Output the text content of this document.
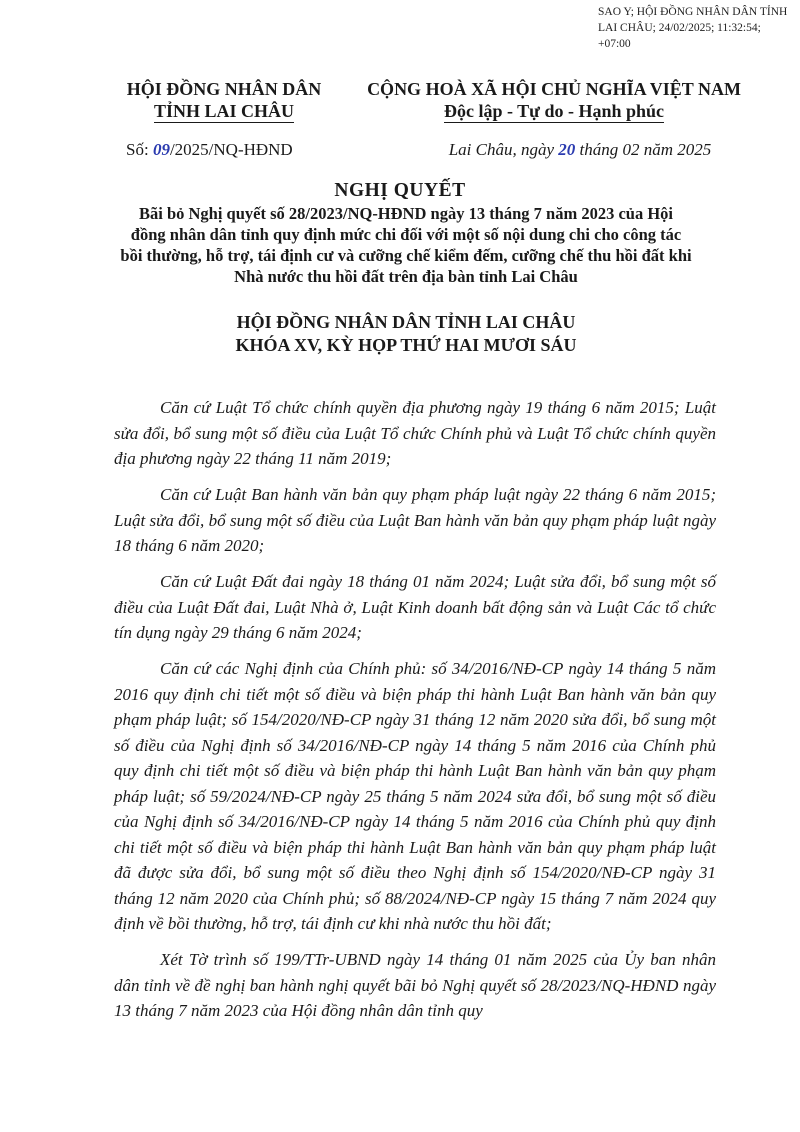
SAO Y; HỘI ĐỒNG NHÂN DÂN TỈNH LAI CHÂU; 24/02/2025; 11:32:54; +07:00
HỘI ĐỒNG NHÂN DÂN
TỈNH LAI CHÂU
CỘNG HOÀ XÃ HỘI CHỦ NGHĨA VIỆT NAM
Độc lập - Tự do - Hạnh phúc
Số: 09/2025/NQ-HĐND	Lai Châu, ngày 20 tháng 02 năm 2025
NGHỊ QUYẾT
Bãi bỏ Nghị quyết số 28/2023/NQ-HĐND ngày 13 tháng 7 năm 2023 của Hội đồng nhân dân tỉnh quy định mức chi đối với một số nội dung chi cho công tác bồi thường, hỗ trợ, tái định cư và cưỡng chế kiểm đếm, cưỡng chế thu hồi đất khi Nhà nước thu hồi đất trên địa bàn tỉnh Lai Châu
HỘI ĐỒNG NHÂN DÂN TỈNH LAI CHÂU
KHÓA XV, KỲ HỌP THỨ HAI MƯƠI SÁU

Căn cứ Luật Tổ chức chính quyền địa phương ngày 19 tháng 6 năm 2015; Luật sửa đổi, bổ sung một số điều của Luật Tổ chức Chính phủ và Luật Tổ chức chính quyền địa phương ngày 22 tháng 11 năm 2019;

Căn cứ Luật Ban hành văn bản quy phạm pháp luật ngày 22 tháng 6 năm 2015; Luật sửa đổi, bổ sung một số điều của Luật Ban hành văn bản quy phạm pháp luật ngày 18 tháng 6 năm 2020;

Căn cứ Luật Đất đai ngày 18 tháng 01 năm 2024; Luật sửa đổi, bổ sung một số điều của Luật Đất đai, Luật Nhà ở, Luật Kinh doanh bất động sản và Luật Các tổ chức tín dụng ngày 29 tháng 6 năm 2024;

Căn cứ các Nghị định của Chính phủ: số 34/2016/NĐ-CP ngày 14 tháng 5 năm 2016 quy định chi tiết một số điều và biện pháp thi hành Luật Ban hành văn bản quy phạm pháp luật; số 154/2020/NĐ-CP ngày 31 tháng 12 năm 2020 sửa đổi, bổ sung một số điều của Nghị định số 34/2016/NĐ-CP ngày 14 tháng 5 năm 2016 của Chính phủ quy định chi tiết một số điều và biện pháp thi hành Luật Ban hành văn bản quy phạm pháp luật; số 59/2024/NĐ-CP ngày 25 tháng 5 năm 2024 sửa đổi, bổ sung một số điều của Nghị định số 34/2016/NĐ-CP ngày 14 tháng 5 năm 2016 của Chính phủ quy định chi tiết một số điều và biện pháp thi hành Luật Ban hành văn bản quy phạm pháp luật đã được sửa đổi, bổ sung một số điều theo Nghị định số 154/2020/NĐ-CP ngày 31 tháng 12 năm 2020 của Chính phủ; số 88/2024/NĐ-CP ngày 15 tháng 7 năm 2024 quy định về bồi thường, hỗ trợ, tái định cư khi nhà nước thu hồi đất;

Xét Tờ trình số 199/TTr-UBND ngày 14 tháng 01 năm 2025 của Ủy ban nhân dân tỉnh về đề nghị ban hành nghị quyết bãi bỏ Nghị quyết số 28/2023/NQ-HĐND ngày 13 tháng 7 năm 2023 của Hội đồng nhân dân tỉnh quy
